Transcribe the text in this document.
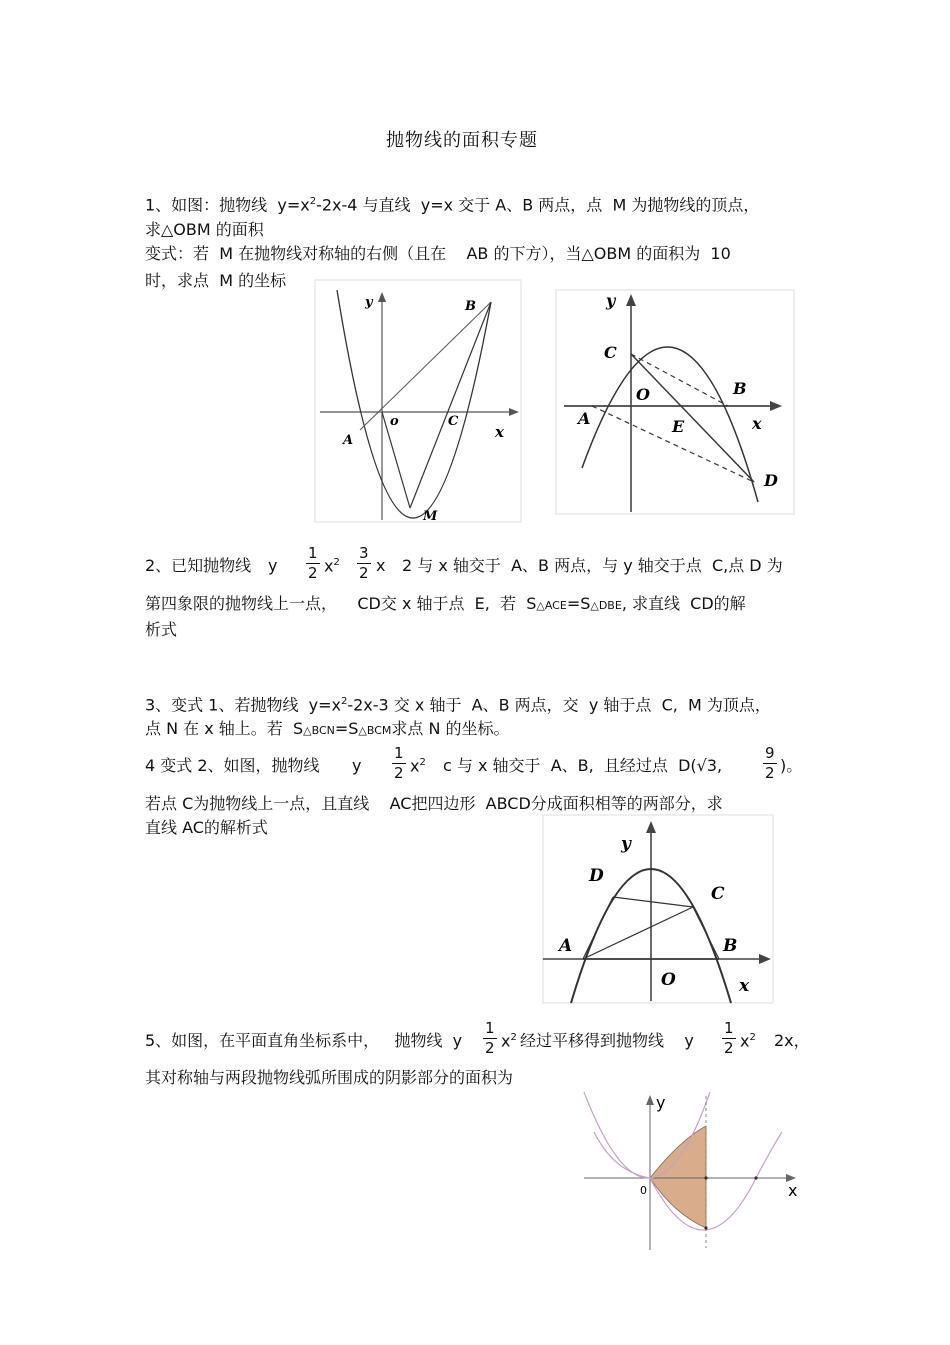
抛物线的面积专题
1、如图：抛物线 $y=x^2-2x-4$ 与直线 y=x 交于 A、B 两点，点 M 为抛物线的顶点，
求△OBM 的面积
变式：若 M 在抛物线对称轴的右侧（且在 AB 的下方），当△OBM 的面积为 10
时，求点 M 的坐标
y	B
o	C
A	x
M
y
C
O	B
A	E	x
D
2、已知抛物线 y $\frac{1}{2} x^2 \frac{3}{2}$ x 2 与 x 轴交于 A、B 两点，与 y 轴交于点 C,点 D 为
第四象限的抛物线上一点， CD交 x 轴于点 E, 若 S△ACE=S△DBE, 求直线 CD的解
析式
3、变式 1、若抛物线 $y=x^2-2x-3$ 交 x 轴于 A、B 两点，交 y 轴于点 C, M 为顶点，
点 N 在 x 轴上。若 S△BCN=S△BCM求点 N 的坐标。
4 变式 2、如图，抛物线 y $\frac{1}{2} x^2$ c 与 x 轴交于 A、B, 且经过点 D(√3,	$\frac{9}{2}$ )。
若点 C为抛物线上一点，且直线 AC把四边形 ABCD分成面积相等的两部分，求
直线 AC的解析式
y
D
C
A	B
O	x
5、如图，在平面直角坐标系中， 抛物线 y $\frac{1}{2} x^2$ 经过平移得到抛物线 y $\frac{1}{2} x^2$ 2x，
其对称轴与两段抛物线弧所围成的阴影部分的面积为
y
0	x
